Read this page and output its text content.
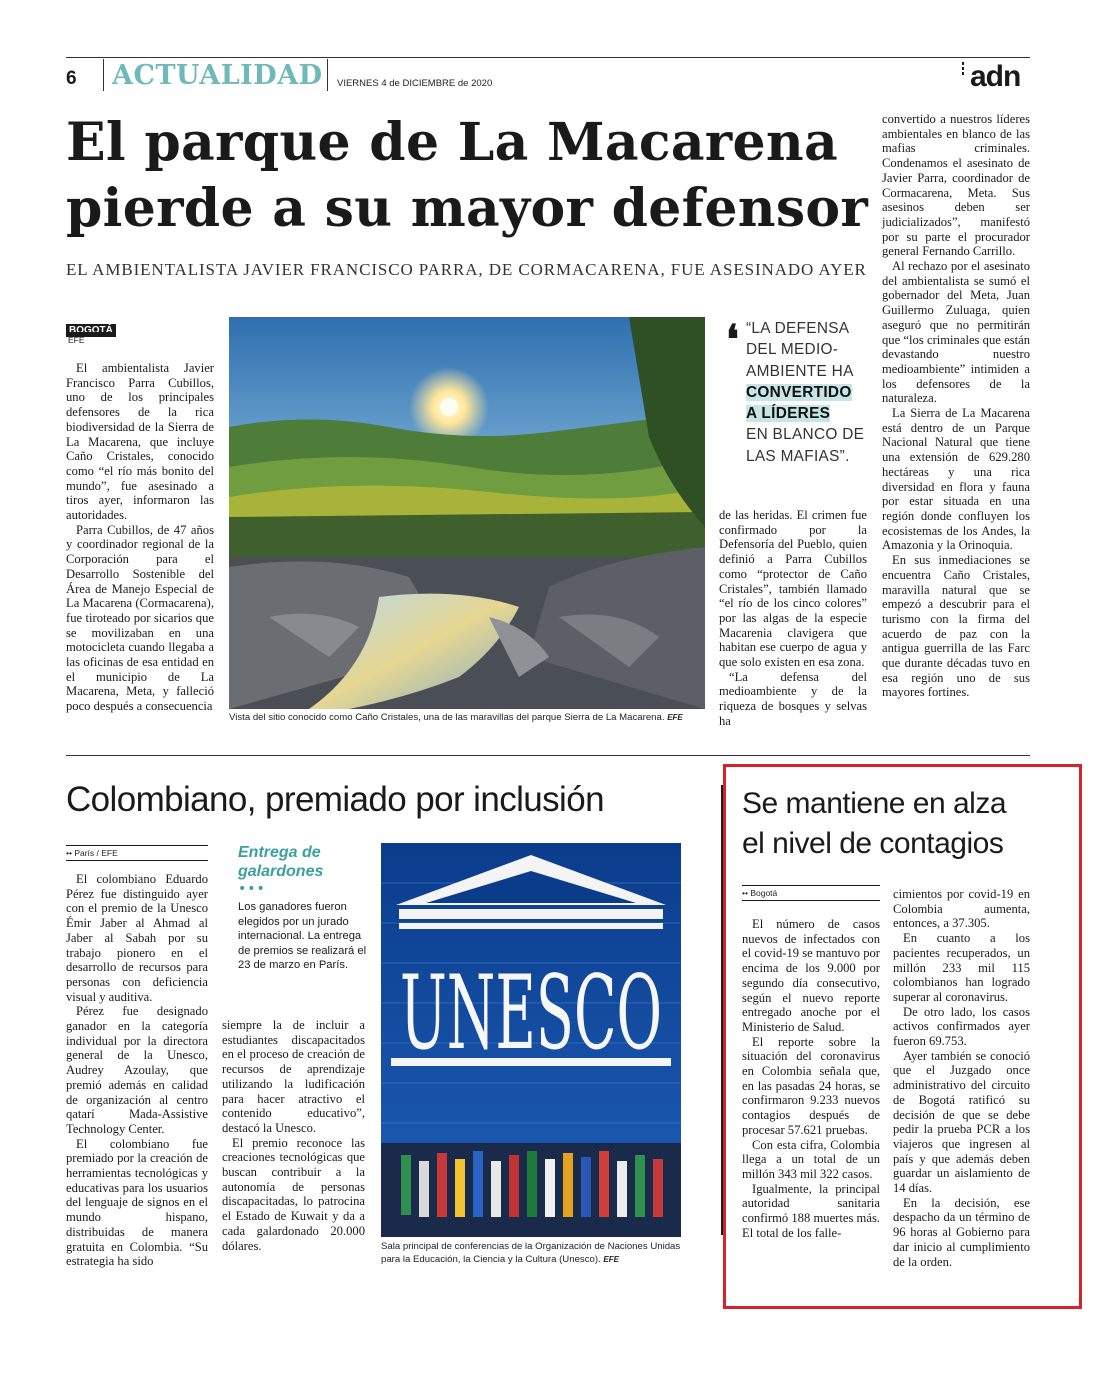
6 ACTUALIDAD VIERNES 4 de DICIEMBRE de 2020	adn
El parque de La Macarena
pierde a su mayor defensor
EL AMBIENTALISTA JAVIER FRANCISCO PARRA, DE CORMACARENA, FUE ASESINADO AYER
BOGOTÁ
EFE

El ambientalista Javier Francisco Parra Cubillos, uno de los principales defensores de la rica biodiversidad de la Sierra de La Macarena, que incluye Caño Cristales, conocido como “el río más bonito del mundo”, fue asesinado a tiros ayer, informaron las autoridades.

Parra Cubillos, de 47 años y coordinador regional de la Corporación para el Desarrollo Sostenible del Área de Manejo Especial de La Macarena (Cormacarena), fue tiroteado por sicarios que se movilizaban en una motocicleta cuando llegaba a las oficinas de esa entidad en el municipio de La Macarena, Meta, y falleció poco después a consecuencia

Vista del sitio conocido como Caño Cristales, una de las maravillas del parque Sierra de La Macarena. EFE
❛ “LA DEFENSA DEL MEDIO-AMBIENTE HA
CONVERTIDO
A LÍDERES
EN BLANCO DE LAS MAFIAS”.

de las heridas. El crimen fue confirmado por la Defensoría del Pueblo, quien definió a Parra Cubillos como “protector de Caño Cristales”, también llamado “el río de los cinco colores” por las algas de la especie Macarenia clavigera que habitan ese cuerpo de agua y que solo existen en esa zona.

“La defensa del medioambiente y de la riqueza de bosques y selvas ha

convertido a nuestros líderes ambientales en blanco de las mafias criminales. Condenamos el asesinato de Javier Parra, coordinador de Cormacarena, Meta. Sus asesinos deben ser judicializados”, manifestó por su parte el procurador general Fernando Carrillo.

Al rechazo por el asesinato del ambientalista se sumó el gobernador del Meta, Juan Guillermo Zuluaga, quien aseguró que no permitirán que “los criminales que están devastando nuestro medioambiente” intimiden a los defensores de la naturaleza.

La Sierra de La Macarena está dentro de un Parque Nacional Natural que tiene una extensión de 629.280 hectáreas y una rica diversidad en flora y fauna por estar situada en una región donde confluyen los ecosistemas de los Andes, la Amazonia y la Orinoquia.

En sus inmediaciones se encuentra Caño Cristales, maravilla natural que se empezó a descubrir para el turismo con la firma del acuerdo de paz con la antigua guerrilla de las Farc que durante décadas tuvo en esa región uno de sus mayores fortines.

Colombiano, premiado por inclusión
•• París / EFE

El colombiano Eduardo Pérez fue distinguido ayer con el premio de la Unesco Émir Jaber al Ahmad al Jaber al Sabah por su trabajo pionero en el desarrollo de recursos para personas con deficiencia visual y auditiva.

Pérez fue designado ganador en la categoría individual por la directora general de la Unesco, Audrey Azoulay, que premió además en calidad de organización al centro qatarí Mada-Assistive Technology Center.

El colombiano fue premiado por la creación de herramientas tecnológicas y educativas para los usuarios del lenguaje de signos en el mundo hispano, distribuidas de manera gratuita en Colombia. “Su estrategia ha sido

Entrega de galardones
•••
Los ganadores fueron elegidos por un jurado internacional. La entrega de premios se realizará el 23 de marzo en París.

siempre la de incluir a estudiantes discapacitados en el proceso de creación de recursos de aprendizaje utilizando la ludificación para hacer atractivo el contenido educativo”, destacó la Unesco.

El premio reconoce las creaciones tecnológicas que buscan contribuir a la autonomía de personas discapacitadas, lo patrocina el Estado de Kuwait y da a cada galardonado 20.000 dólares.

UNESCO
Sala principal de conferencias de la Organización de Naciones Unidas para la Educación, la Ciencia y la Cultura (Unesco). EFE
Se mantiene en alza
el nivel de contagios
•• Bogotá

El número de casos nuevos de infectados con el covid-19 se mantuvo por encima de los 9.000 por segundo día consecutivo, según el nuevo reporte entregado anoche por el Ministerio de Salud.

El reporte sobre la situación del coronavirus en Colombia señala que, en las pasadas 24 horas, se confirmaron 9.233 nuevos contagios después de procesar 57.621 pruebas.

Con esta cifra, Colombia llega a un total de un millón 343 mil 322 casos.

Igualmente, la principal autoridad sanitaria confirmó 188 muertes más. El total de los falle-

cimientos por covid-19 en Colombia aumenta, entonces, a 37.305.

En cuanto a los pacientes recuperados, un millón 233 mil 115 colombianos han logrado superar al coronavirus.

De otro lado, los casos activos confirmados ayer fueron 69.753.

Ayer también se conoció que el Juzgado once administrativo del circuito de Bogotá ratificó su decisión de que se debe pedir la prueba PCR a los viajeros que ingresen al país y que además deben guardar un aislamiento de 14 días.

En la decisión, ese despacho da un término de 96 horas al Gobierno para dar inicio al cumplimiento de la orden.
